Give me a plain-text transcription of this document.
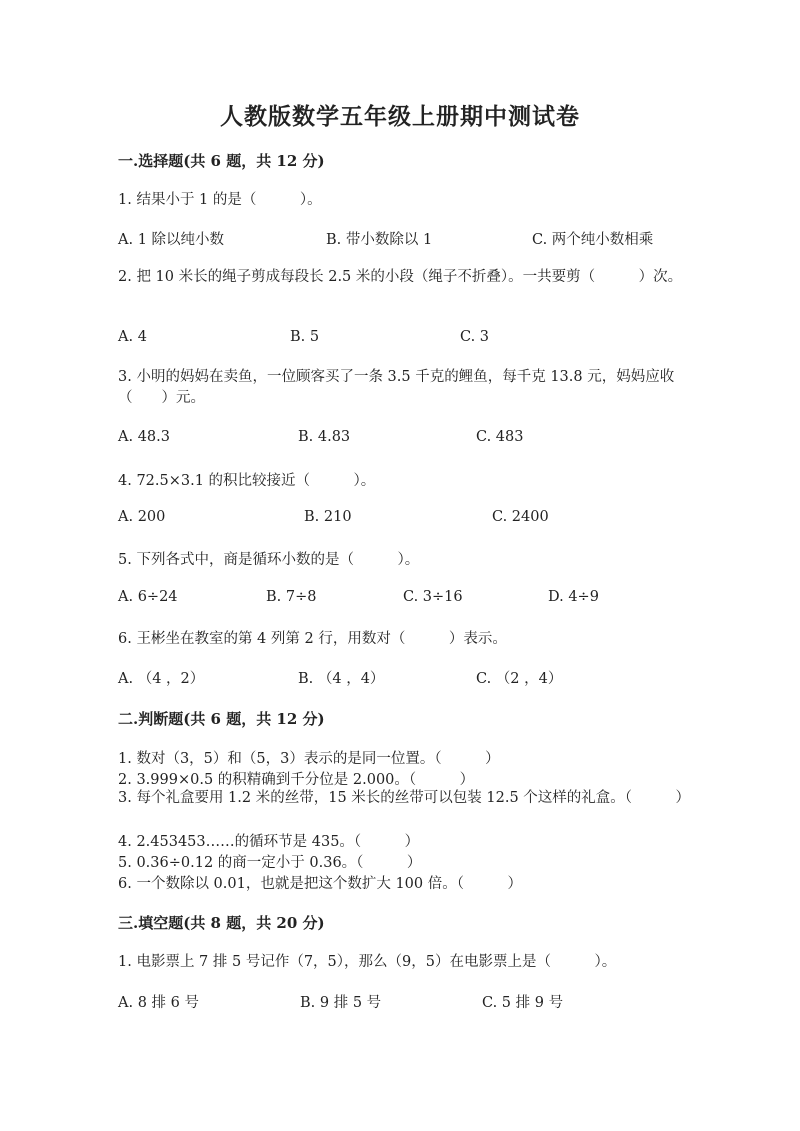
人教版数学五年级上册期中测试卷
一.选择题(共 6 题，共 12 分)
1. 结果小于 1 的是（　　　）。
A. 1 除以纯小数	B. 带小数除以 1	C. 两个纯小数相乘
2. 把 10 米长的绳子剪成每段长 2.5 米的小段（绳子不折叠）。一共要剪（　　　）次。
A. 4	B. 5	C. 3
3. 小明的妈妈在卖鱼，一位顾客买了一条 3.5 千克的鲤鱼，每千克 13.8 元，妈妈应收（　　）元。
A. 48.3	B. 4.83	C. 483
4. 72.5×3.1 的积比较接近（　　　）。
A. 200	B. 210	C. 2400
5. 下列各式中，商是循环小数的是（　　　）。
A. 6÷24	B. 7÷8	C. 3÷16	D. 4÷9
6. 王彬坐在教室的第 4 列第 2 行，用数对（　　　）表示。
A. （4 ，2）	B. （4 ，4）	C. （2 ，4）
二.判断题(共 6 题，共 12 分)
1. 数对（3，5）和（5，3）表示的是同一位置。（　　　）
2. 3.999×0.5 的积精确到千分位是 2.000。（　　　）
3. 每个礼盒要用 1.2 米的丝带，15 米长的丝带可以包装 12.5 个这样的礼盒。（　　　）
4. 2.453453……的循环节是 435。（　　　）
5. 0.36÷0.12 的商一定小于 0.36。（　　　）
6. 一个数除以 0.01，也就是把这个数扩大 100 倍。（　　　）
三.填空题(共 8 题，共 20 分)
1. 电影票上 7 排 5 号记作（7，5），那么（9，5）在电影票上是（　　　）。
A. 8 排 6 号	B. 9 排 5 号	C. 5 排 9 号
